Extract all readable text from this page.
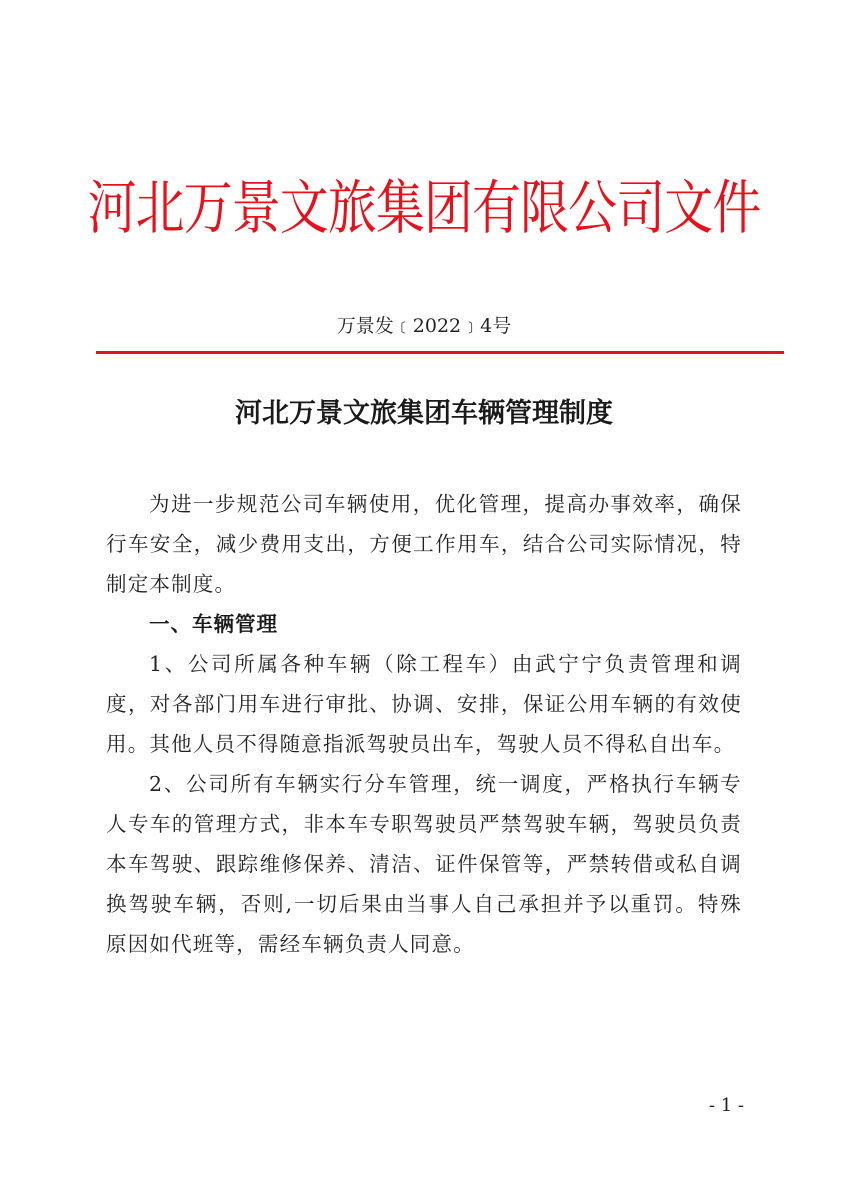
河北万景文旅集团有限公司文件
万景发﹝2022﹞4号
河北万景文旅集团车辆管理制度

为进一步规范公司车辆使用，优化管理，提高办事效率，确保行车安全，减少费用支出，方便工作用车，结合公司实际情况，特制定本制度。

一、车辆管理

1、公司所属各种车辆（除工程车）由武宁宁负责管理和调度，对各部门用车进行审批、协调、安排，保证公用车辆的有效使用。其他人员不得随意指派驾驶员出车，驾驶人员不得私自出车。

2、公司所有车辆实行分车管理，统一调度，严格执行车辆专人专车的管理方式，非本车专职驾驶员严禁驾驶车辆，驾驶员负责本车驾驶、跟踪维修保养、清洁、证件保管等，严禁转借或私自调换驾驶车辆，否则,一切后果由当事人自己承担并予以重罚。特殊原因如代班等，需经车辆负责人同意。

- 1 -
